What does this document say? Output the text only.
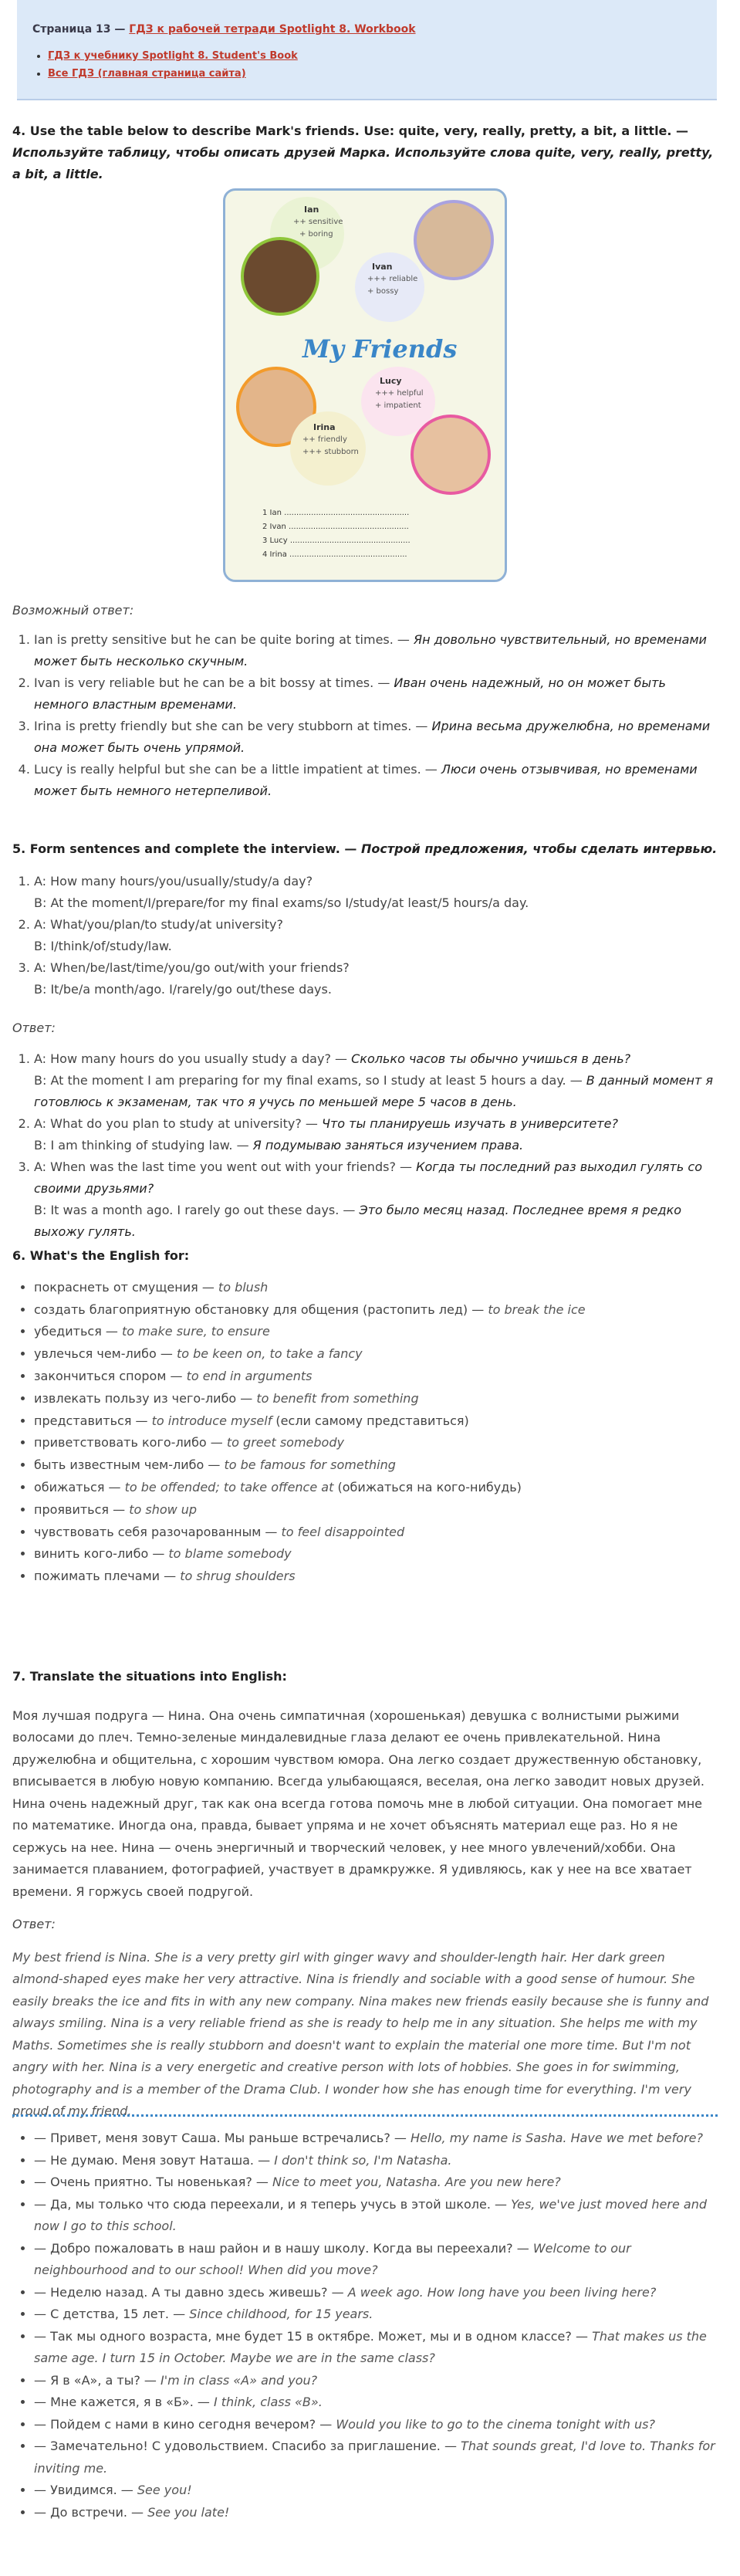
Страница 13 — ГДЗ к рабочей тетради Spotlight 8. Workbook
• ГДЗ к учебнику Spotlight 8. Student's Book
• Все ГДЗ (главная страница сайта)
4. Use the table below to describe Mark's friends. Use: quite, very, really, pretty, a bit, a little. — Используйте таблицу, чтобы описать друзей Марка. Используйте слова quite, very, really, pretty, a bit, a little.
Ian
++ sensitive
+ boring
Ivan
+++ reliable
+ bossy
My Friends
Lucy
+++ helpful
+ impatient
Irina
++ friendly
+++ stubborn
1 Ian ...................................................
2 Ivan .................................................
3 Lucy .................................................
4 Irina ................................................
Возможный ответ:
1. Ian is pretty sensitive but he can be quite boring at times. — Ян довольно чувствительный, но временами может быть несколько скучным.
2. Ivan is very reliable but he can be a bit bossy at times. — Иван очень надежный, но он может быть немного властным временами.
3. Irina is pretty friendly but she can be very stubborn at times. — Ирина весьма дружелюбна, но временами она может быть очень упрямой.
4. Lucy is really helpful but she can be a little impatient at times. — Люси очень отзывчивая, но временами может быть немного нетерпеливой.
5. Form sentences and complete the interview. — Построй предложения, чтобы сделать интервью.
1. A: How many hours/you/usually/study/a day?
B: At the moment/I/prepare/for my final exams/so I/study/at least/5 hours/a day.
2. A: What/you/plan/to study/at university?
B: I/think/of/study/law.
3. A: When/be/last/time/you/go out/with your friends?
B: It/be/a month/ago. I/rarely/go out/these days.
Ответ:
1. A: How many hours do you usually study a day? — Сколько часов ты обычно учишься в день?
B: At the moment I am preparing for my final exams, so I study at least 5 hours a day. — В данный момент я готовлюсь к экзаменам, так что я учусь по меньшей мере 5 часов в день.
2. A: What do you plan to study at university? — Что ты планируешь изучать в университете?
B: I am thinking of studying law. — Я подумываю заняться изучением права.
3. A: When was the last time you went out with your friends? — Когда ты последний раз выходил гулять со своими друзьями?
B: It was a month ago. I rarely go out these days. — Это было месяц назад. Последнее время я редко выхожу гулять.
6. What's the English for:
• покраснеть от смущения — to blush
• создать благоприятную обстановку для общения (растопить лед) — to break the ice
• убедиться — to make sure, to ensure
• увлечься чем-либо — to be keen on, to take a fancy
• закончиться спором — to end in arguments
• извлекать пользу из чего-либо — to benefit from something
• представиться — to introduce myself (если самому представиться)
• приветствовать кого-либо — to greet somebody
• быть известным чем-либо — to be famous for something
• обижаться — to be offended; to take offence at (обижаться на кого-нибудь)
• проявиться — to show up
• чувствовать себя разочарованным — to feel disappointed
• винить кого-либо — to blame somebody
• пожимать плечами — to shrug shoulders
7. Translate the situations into English:
Моя лучшая подруга — Нина. Она очень симпатичная (хорошенькая) девушка с волнистыми рыжими волосами до плеч. Темно-зеленые миндалевидные глаза делают ее очень привлекательной. Нина дружелюбна и общительна, с хорошим чувством юмора. Она легко создает дружественную обстановку, вписывается в любую новую компанию. Всегда улыбающаяся, веселая, она легко заводит новых друзей. Нина очень надежный друг, так как она всегда готова помочь мне в любой ситуации. Она помогает мне по математике. Иногда она, правда, бывает упряма и не хочет объяснять материал еще раз. Но я не сержусь на нее. Нина — очень энергичный и творческий человек, у нее много увлечений/хобби. Она занимается плаванием, фотографией, участвует в драмкружке. Я удивляюсь, как у нее на все хватает времени. Я горжусь своей подругой.
Ответ:
My best friend is Nina. She is a very pretty girl with ginger wavy and shoulder-length hair. Her dark green almond-shaped eyes make her very attractive. Nina is friendly and sociable with a good sense of humour. She easily breaks the ice and fits in with any new company. Nina makes new friends easily because she is funny and always smiling. Nina is a very reliable friend as she is ready to help me in any situation. She helps me with my Maths. Sometimes she is really stubborn and doesn't want to explain the material one more time. But I'm not angry with her. Nina is a very energetic and creative person with lots of hobbies. She goes in for swimming, photography and is a member of the Drama Club. I wonder how she has enough time for everything. I'm very proud of my friend.
• — Привет, меня зовут Саша. Мы раньше встречались? — Hello, my name is Sasha. Have we met before?
• — Не думаю. Меня зовут Наташа. — I don't think so, I'm Natasha.
• — Очень приятно. Ты новенькая? — Nice to meet you, Natasha. Are you new here?
• — Да, мы только что сюда переехали, и я теперь учусь в этой школе. — Yes, we've just moved here and now I go to this school.
• — Добро пожаловать в наш район и в нашу школу. Когда вы переехали? — Welcome to our neighbourhood and to our school! When did you move?
• — Неделю назад. А ты давно здесь живешь? — A week ago. How long have you been living here?
• — С детства, 15 лет. — Since childhood, for 15 years.
• — Так мы одного возраста, мне будет 15 в октябре. Может, мы и в одном классе? — That makes us the same age. I turn 15 in October. Maybe we are in the same class?
• — Я в «А», а ты? — I'm in class «A» and you?
• — Мне кажется, я в «Б». — I think, class «B».
• — Пойдем с нами в кино сегодня вечером? — Would you like to go to the cinema tonight with us?
• — Замечательно! С удовольствием. Спасибо за приглашение. — That sounds great, I'd love to. Thanks for inviting me.
• — Увидимся. — See you!
• — До встречи. — See you late!
